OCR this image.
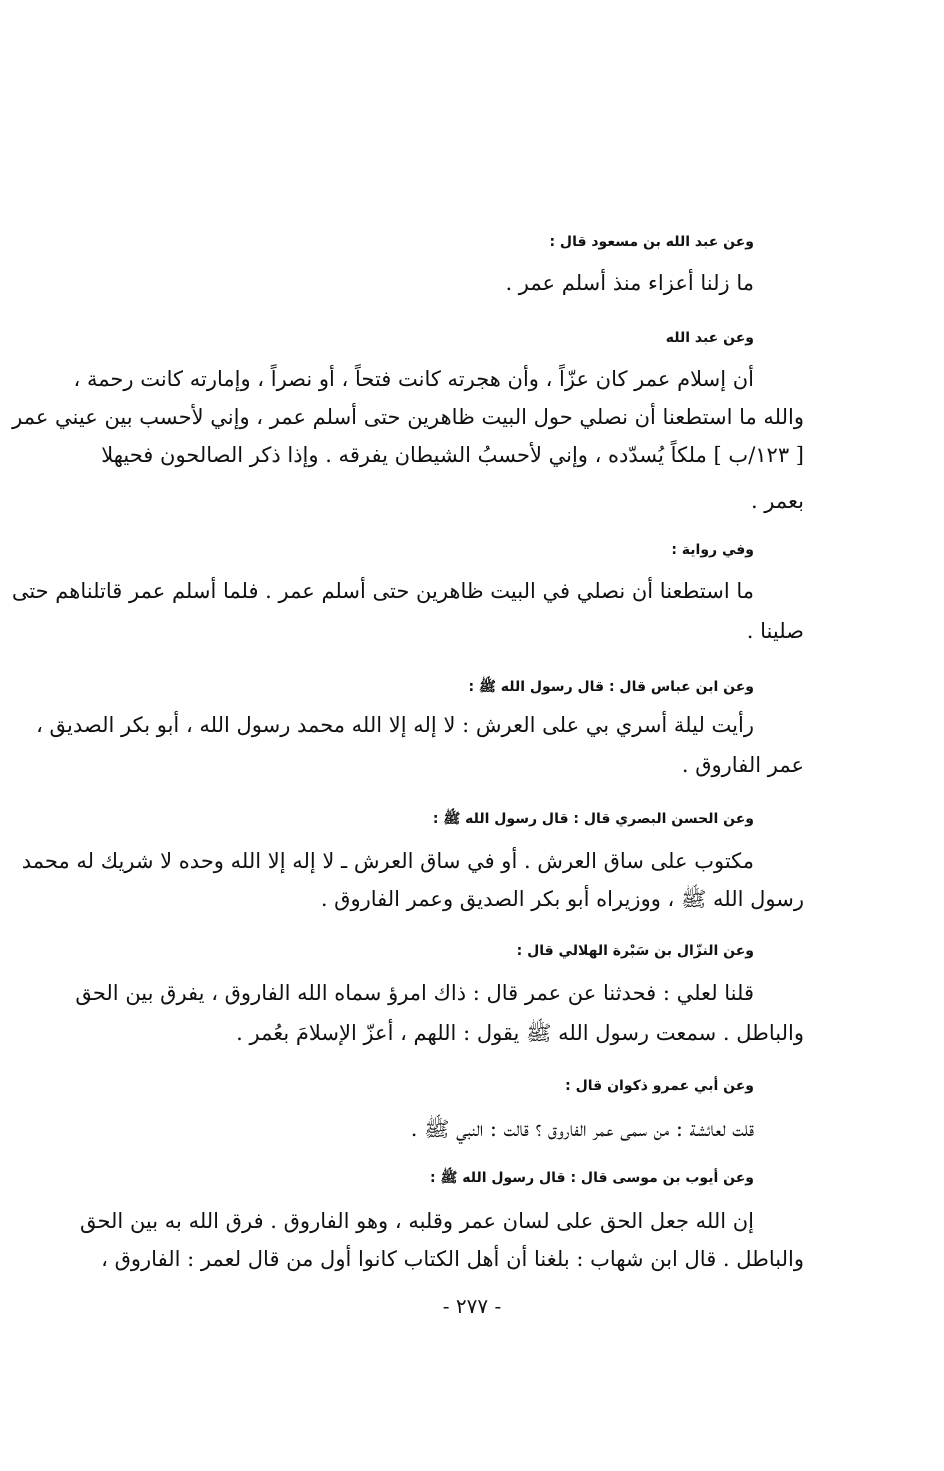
وعن عبد الله بن مسعود قال :
ما زلنا أعزاء منذ أسلم عمر .
وعن عبد الله
أن إسلام عمر كان عزّاً ، وأن هجرته كانت فتحاً ، أو نصراً ، وإمارته كانت رحمة ،
والله ما استطعنا أن نصلي حول البيت ظاهرين حتى أسلم عمر ، وإني لأحسب بين عيني عمر
[ ١٢٣/ب ] ملكاً يُسدّده ، وإني لأحسبُ الشيطان يفرقه . وإذا ذكر الصالحون فحيهلا
بعمر .
وفي رواية :
ما استطعنا أن نصلي في البيت ظاهرين حتى أسلم عمر . فلما أسلم عمر قاتلناهم حتى
صلينا .
وعن ابن عباس قال : قال رسول الله ﷺ :
رأيت ليلة أسري بي على العرش : لا إله إلا الله محمد رسول الله ، أبو بكر الصديق ،
عمر الفاروق .
وعن الحسن البصري قال : قال رسول الله ﷺ :
مكتوب على ساق العرش . أو في ساق العرش ـ لا إله إلا الله وحده لا شريك له محمد
رسول الله ﷺ ، ووزيراه أبو بكر الصديق وعمر الفاروق .
وعن النزّال بن سَبْرة الهلالي قال :
قلنا لعلي : فحدثنا عن عمر قال : ذاك امرؤ سماه الله الفاروق ، يفرق بين الحق
والباطل . سمعت رسول الله ﷺ يقول : اللهم ، أعزّ الإسلامَ بعُمر .
وعن أبي عمرو ذكوان قال :
قلت لعائشة : من سمى عمر الفاروق ؟ قالت : النبي ﷺ .
وعن أيوب بن موسى قال : قال رسول الله ﷺ :
إن الله جعل الحق على لسان عمر وقلبه ، وهو الفاروق . فرق الله به بين الحق
والباطل . قال ابن شهاب : بلغنا أن أهل الكتاب كانوا أول من قال لعمر : الفاروق ،
- ٢٧٧ -
